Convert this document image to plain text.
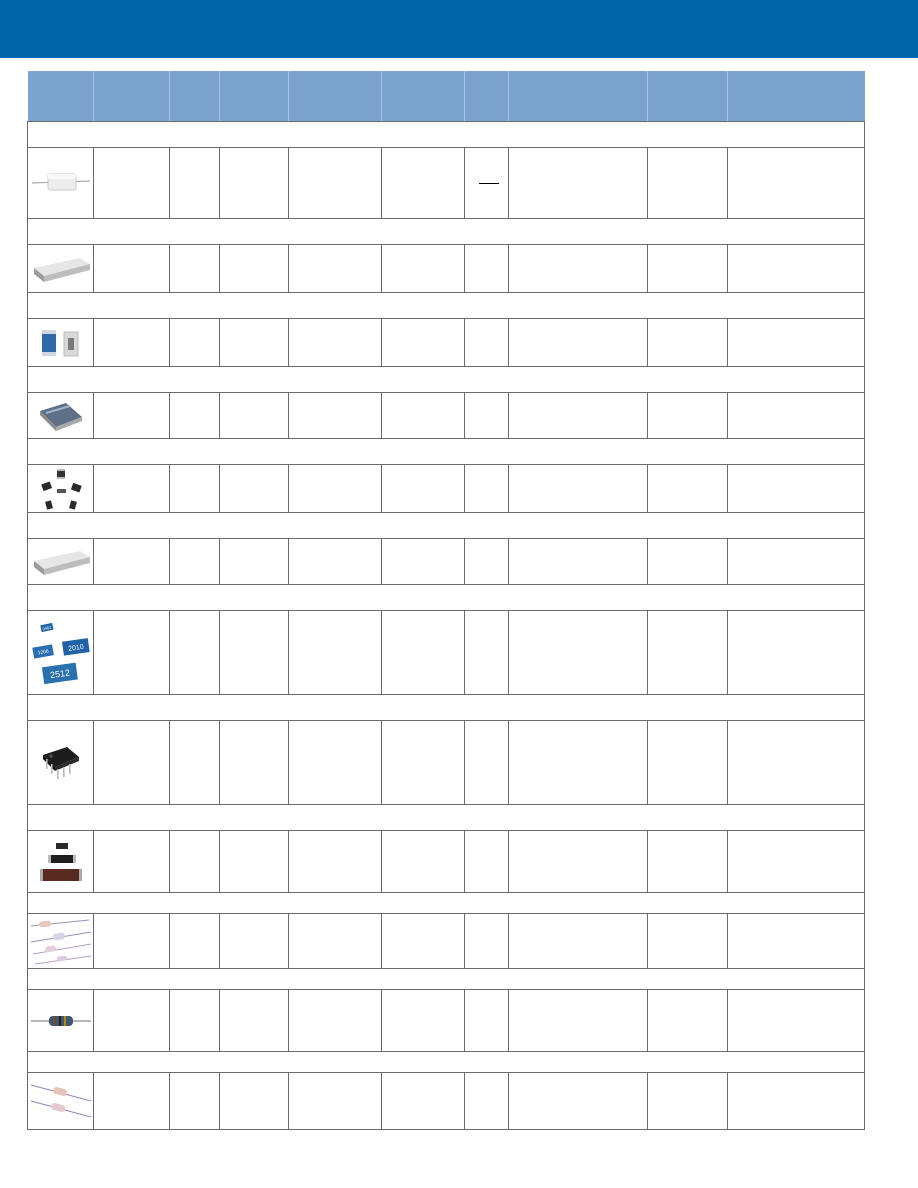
0402
1206 2010
2512									
